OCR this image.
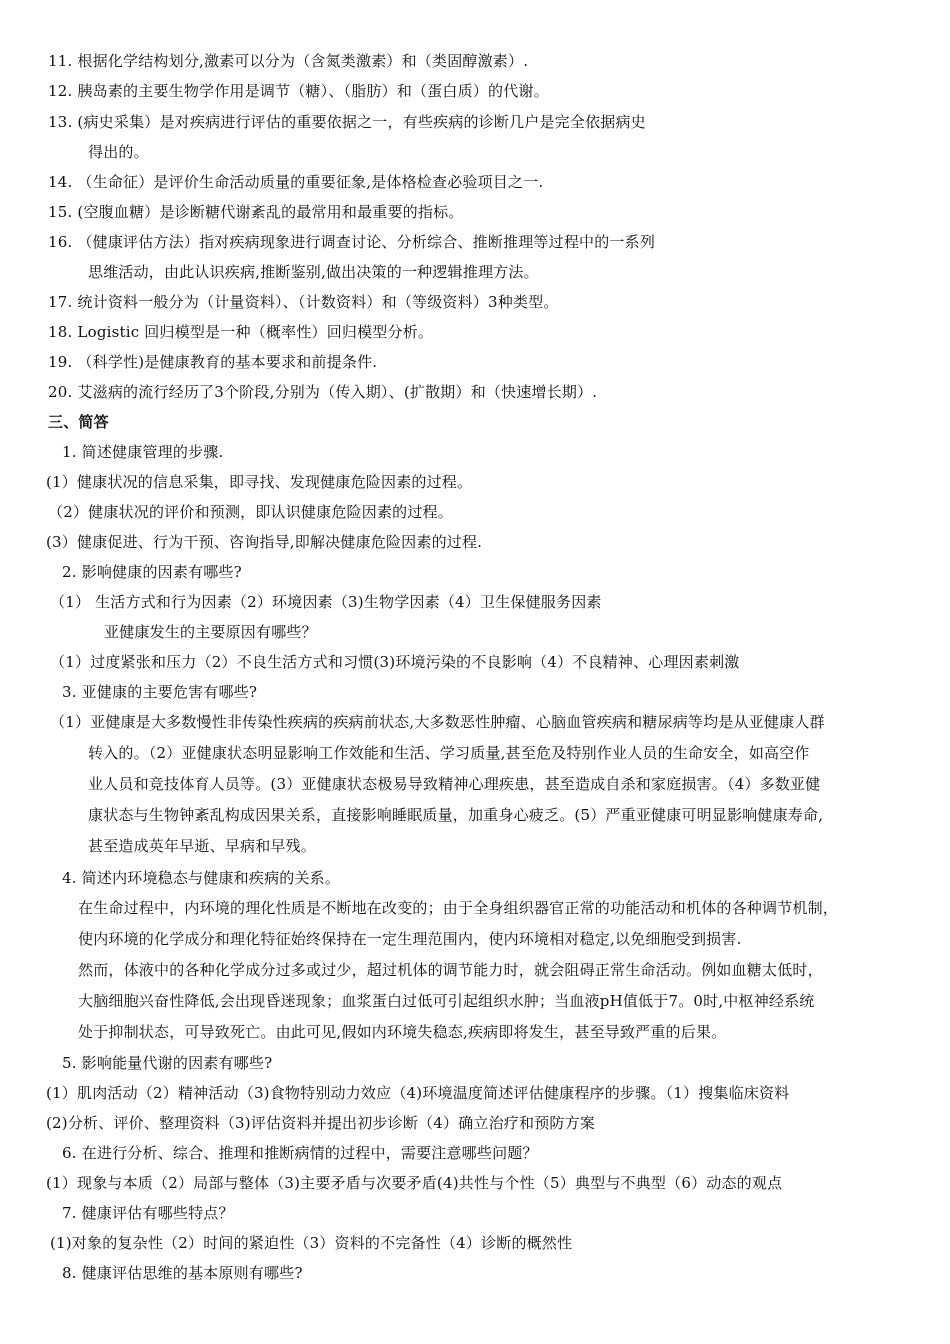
11. 根据化学结构划分,激素可以分为（含氮类激素）和（类固醇激素）.
12. 胰岛素的主要生物学作用是调节（糖）、（脂肪）和（蛋白质）的代谢。
13. (病史采集）是对疾病进行评估的重要依据之一，有些疾病的诊断几户是完全依据病史
得出的。
14. （生命征）是评价生命活动质量的重要征象,是体格检查必验项目之一.
15. (空腹血糖）是诊断糖代谢紊乱的最常用和最重要的指标。
16. （健康评估方法）指对疾病现象进行调查讨论、分析综合、推断推理等过程中的一系列
思维活动，由此认识疾病,推断鉴别,做出决策的一种逻辑推理方法。
17. 统计资料一般分为（计量资料）、（计数资料）和（等级资料）3种类型。
18. Logistic 回归模型是一种（概率性）回归模型分析。
19. （科学性)是健康教育的基本要求和前提条件.
20. 艾滋病的流行经历了3个阶段,分别为（传入期）、(扩散期）和（快速增长期）.
三、简答
1. 简述健康管理的步骤.
(1）健康状况的信息采集，即寻找、发现健康危险因素的过程。
（2）健康状况的评价和预测，即认识健康危险因素的过程。
(3）健康促进、行为干预、咨询指导,即解决健康危险因素的过程.
2. 影响健康的因素有哪些?
（1） 生活方式和行为因素（2）环境因素（3)生物学因素（4）卫生保健服务因素
亚健康发生的主要原因有哪些？
（1）过度紧张和压力（2）不良生活方式和习惯(3)环境污染的不良影响（4）不良精神、心理因素刺激
3. 亚健康的主要危害有哪些?
（1）亚健康是大多数慢性非传染性疾病的疾病前状态,大多数恶性肿瘤、心脑血管疾病和糖尿病等均是从亚健康人群
转入的。（2）亚健康状态明显影响工作效能和生活、学习质量,甚至危及特别作业人员的生命安全，如高空作
业人员和竞技体育人员等。(3）亚健康状态极易导致精神心理疾患，甚至造成自杀和家庭损害。（4）多数亚健
康状态与生物钟紊乱构成因果关系，直接影响睡眠质量，加重身心疲乏。(5）严重亚健康可明显影响健康寿命,
甚至造成英年早逝、早病和早残。
4. 简述内环境稳态与健康和疾病的关系。
在生命过程中，内环境的理化性质是不断地在改变的；由于全身组织器官正常的功能活动和机体的各种调节机制，
使内环境的化学成分和理化特征始终保持在一定生理范围内，使内环境相对稳定,以免细胞受到损害.
然而，体液中的各种化学成分过多或过少，超过机体的调节能力时，就会阻碍正常生命活动。例如血糖太低时，
大脑细胞兴奋性降低,会出现昏迷现象；血浆蛋白过低可引起组织水肿；当血液pH值低于7。0时,中枢神经系统
处于抑制状态，可导致死亡。由此可见,假如内环境失稳态,疾病即将发生，甚至导致严重的后果。
5. 影响能量代谢的因素有哪些?
(1）肌肉活动（2）精神活动（3)食物特别动力效应（4)环境温度简述评估健康程序的步骤。（1）搜集临床资料
(2)分析、评价、整理资料（3)评估资料并提出初步诊断（4）确立治疗和预防方案
6. 在进行分析、综合、推理和推断病情的过程中，需要注意哪些问题？
(1）现象与本质（2）局部与整体（3)主要矛盾与次要矛盾(4)共性与个性（5）典型与不典型（6）动态的观点
7. 健康评估有哪些特点？
(1)对象的复杂性（2）时间的紧迫性（3）资料的不完备性（4）诊断的概然性
8. 健康评估思维的基本原则有哪些?
